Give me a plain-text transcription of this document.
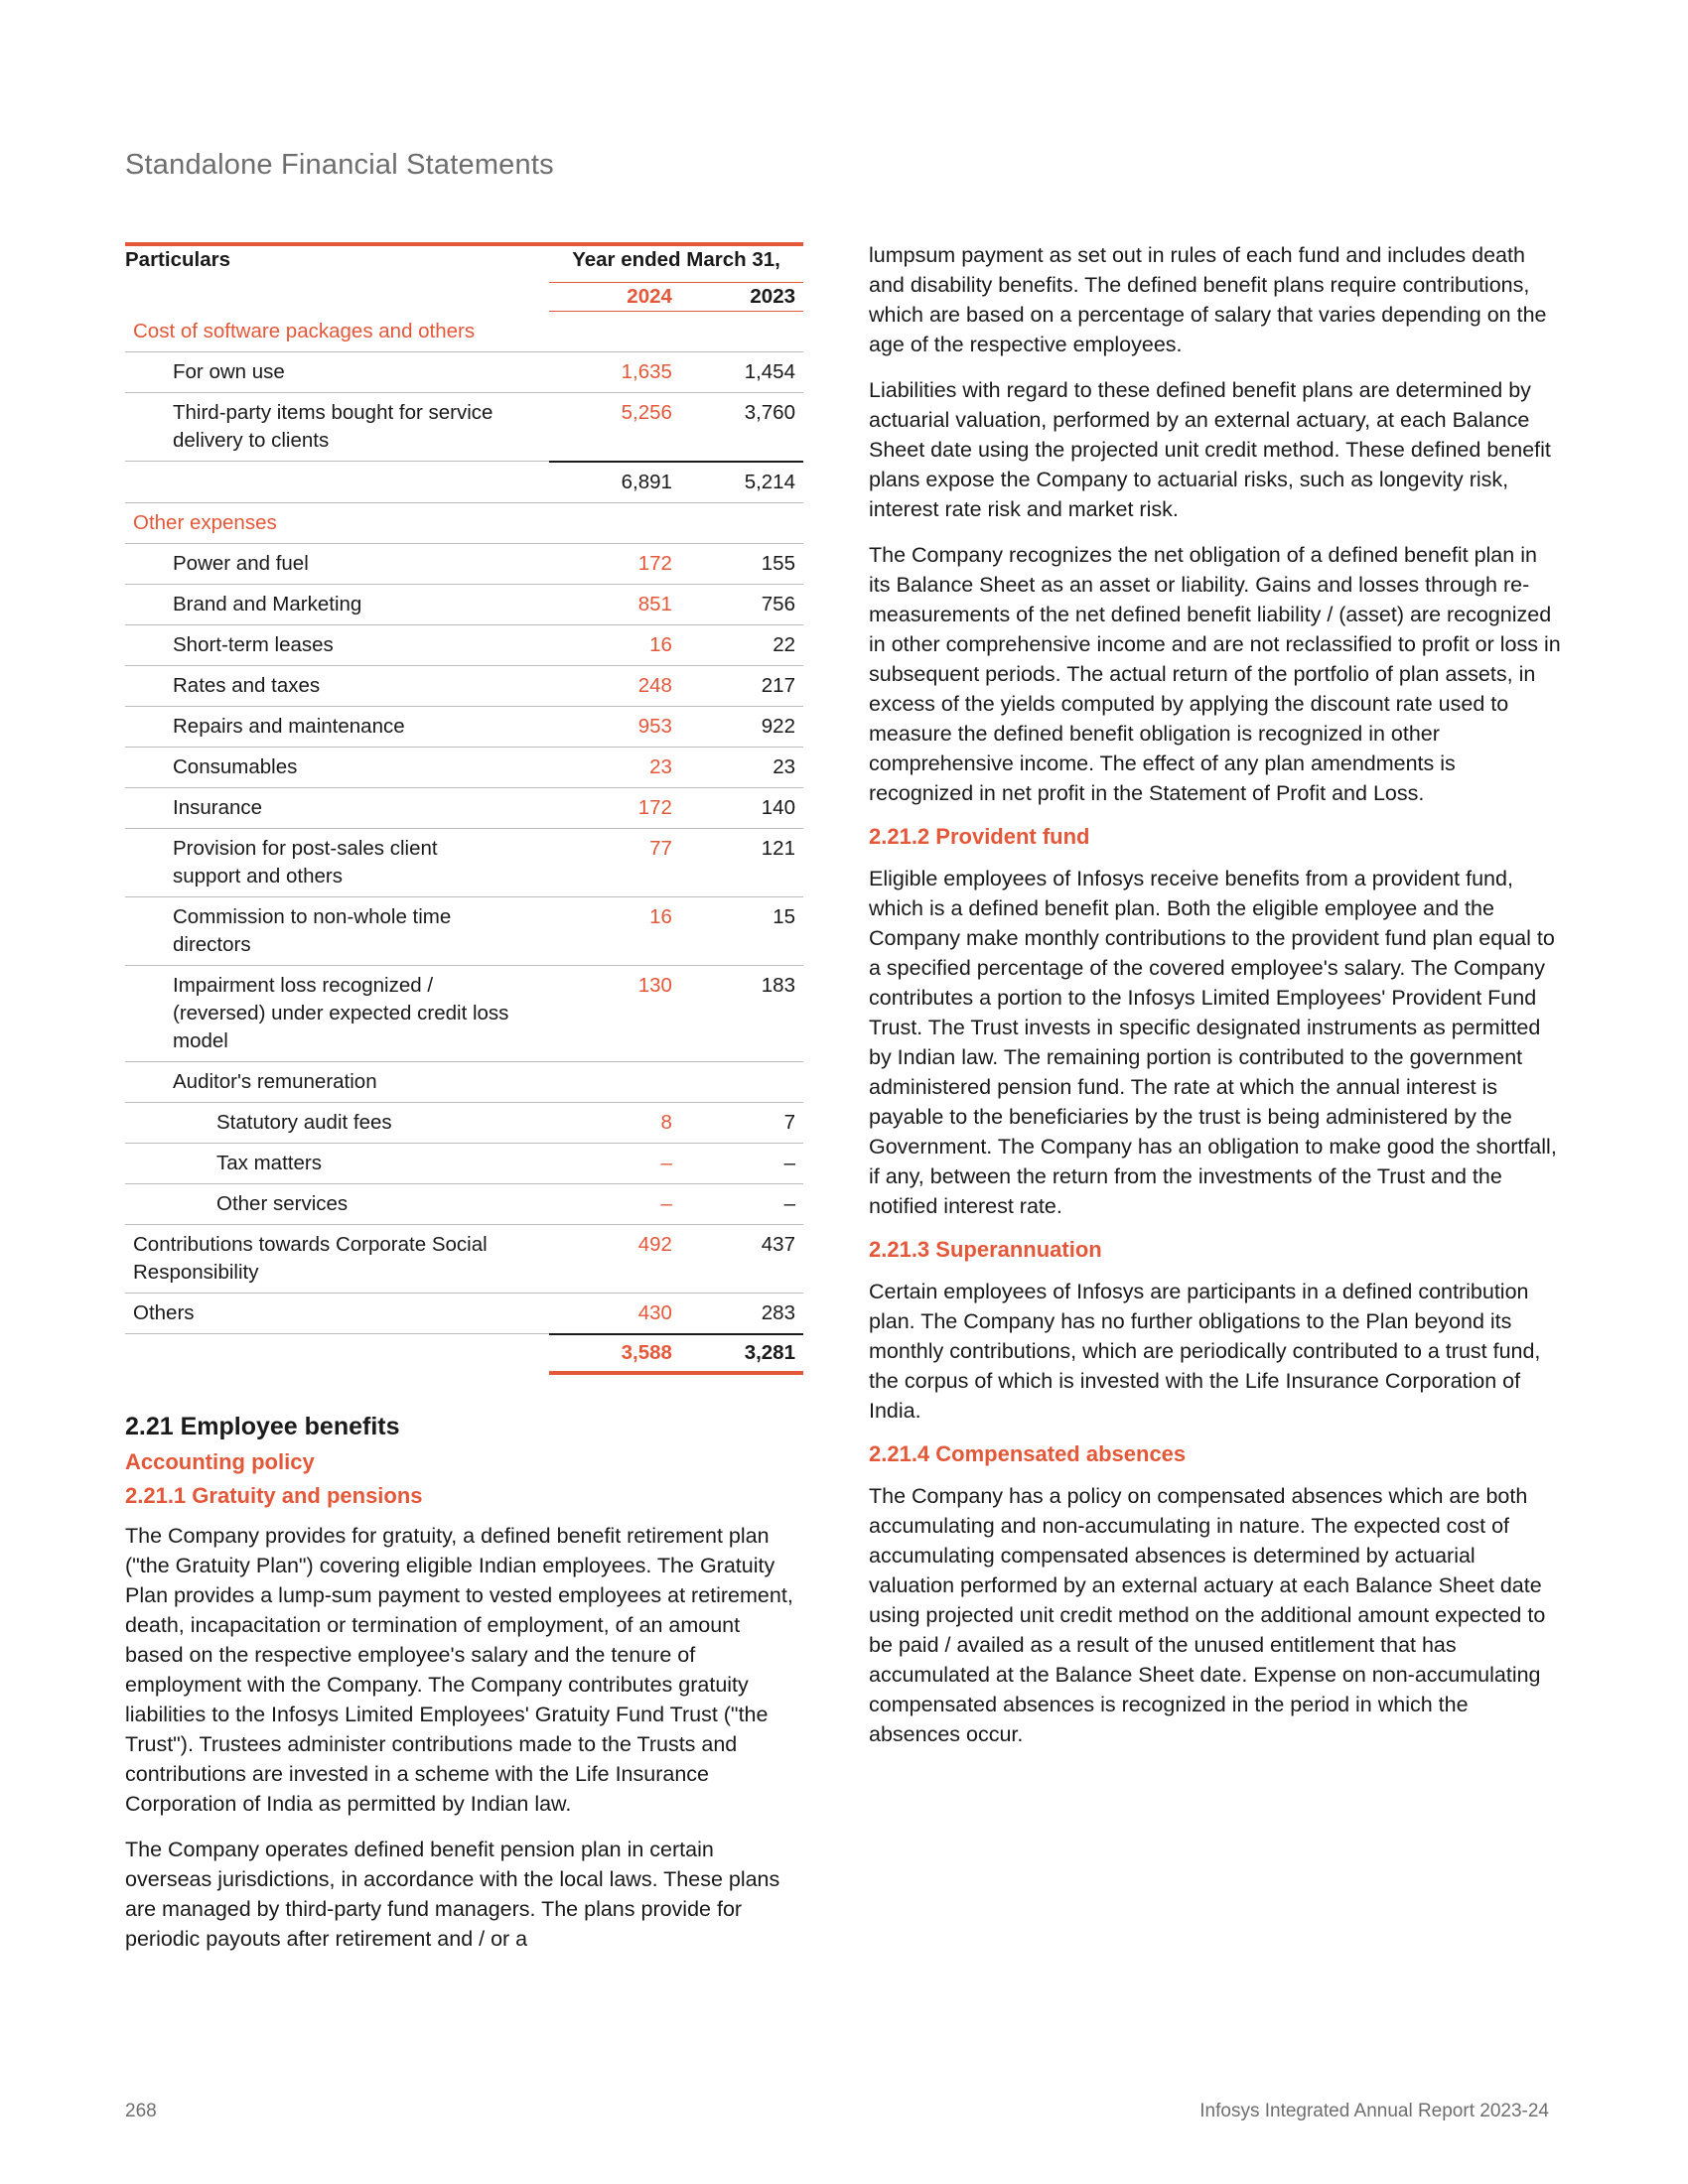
Standalone Financial Statements
Particulars	Year ended March 31,	
	2024	2023
Cost of software packages and others		
For own use	1,635	1,454
Third-party items bought for service delivery to clients	5,256	3,760
	6,891	5,214
Other expenses		
Power and fuel	172	155
Brand and Marketing	851	756
Short-term leases	16	22
Rates and taxes	248	217
Repairs and maintenance	953	922
Consumables	23	23
Insurance	172	140
Provision for post-sales client support and others	77	121
Commission to non-whole time directors	16	15
Impairment loss recognized / (reversed) under expected credit loss model	130	183
Auditor's remuneration		
Statutory audit fees	8	7
Tax matters	–	–
Other services	–	–
Contributions towards Corporate Social Responsibility	492	437
Others	430	283
	3,588	3,281
2.21 Employee benefits
Accounting policy
2.21.1 Gratuity and pensions

The Company provides for gratuity, a defined benefit retirement plan ("the Gratuity Plan") covering eligible Indian employees. The Gratuity Plan provides a lump-sum payment to vested employees at retirement, death, incapacitation or termination of employment, of an amount based on the respective employee's salary and the tenure of employment with the Company. The Company contributes gratuity liabilities to the Infosys Limited Employees' Gratuity Fund Trust ("the Trust"). Trustees administer contributions made to the Trusts and contributions are invested in a scheme with the Life Insurance Corporation of India as permitted by Indian law.

The Company operates defined benefit pension plan in certain overseas jurisdictions, in accordance with the local laws. These plans are managed by third-party fund managers. The plans provide for periodic payouts after retirement and / or a

lumpsum payment as set out in rules of each fund and includes death and disability benefits. The defined benefit plans require contributions, which are based on a percentage of salary that varies depending on the age of the respective employees.

Liabilities with regard to these defined benefit plans are determined by actuarial valuation, performed by an external actuary, at each Balance Sheet date using the projected unit credit method. These defined benefit plans expose the Company to actuarial risks, such as longevity risk, interest rate risk and market risk.

The Company recognizes the net obligation of a defined benefit plan in its Balance Sheet as an asset or liability. Gains and losses through re-measurements of the net defined benefit liability / (asset) are recognized in other comprehensive income and are not reclassified to profit or loss in subsequent periods. The actual return of the portfolio of plan assets, in excess of the yields computed by applying the discount rate used to measure the defined benefit obligation is recognized in other comprehensive income. The effect of any plan amendments is recognized in net profit in the Statement of Profit and Loss.

2.21.2 Provident fund

Eligible employees of Infosys receive benefits from a provident fund, which is a defined benefit plan. Both the eligible employee and the Company make monthly contributions to the provident fund plan equal to a specified percentage of the covered employee's salary. The Company contributes a portion to the Infosys Limited Employees' Provident Fund Trust. The Trust invests in specific designated instruments as permitted by Indian law. The remaining portion is contributed to the government administered pension fund. The rate at which the annual interest is payable to the beneficiaries by the trust is being administered by the Government. The Company has an obligation to make good the shortfall, if any, between the return from the investments of the Trust and the notified interest rate.

2.21.3 Superannuation

Certain employees of Infosys are participants in a defined contribution plan. The Company has no further obligations to the Plan beyond its monthly contributions, which are periodically contributed to a trust fund, the corpus of which is invested with the Life Insurance Corporation of India.

2.21.4 Compensated absences

The Company has a policy on compensated absences which are both accumulating and non-accumulating in nature. The expected cost of accumulating compensated absences is determined by actuarial valuation performed by an external actuary at each Balance Sheet date using projected unit credit method on the additional amount expected to be paid / availed as a result of the unused entitlement that has accumulated at the Balance Sheet date. Expense on non-accumulating compensated absences is recognized in the period in which the absences occur.

268	Infosys Integrated Annual Report 2023-24
